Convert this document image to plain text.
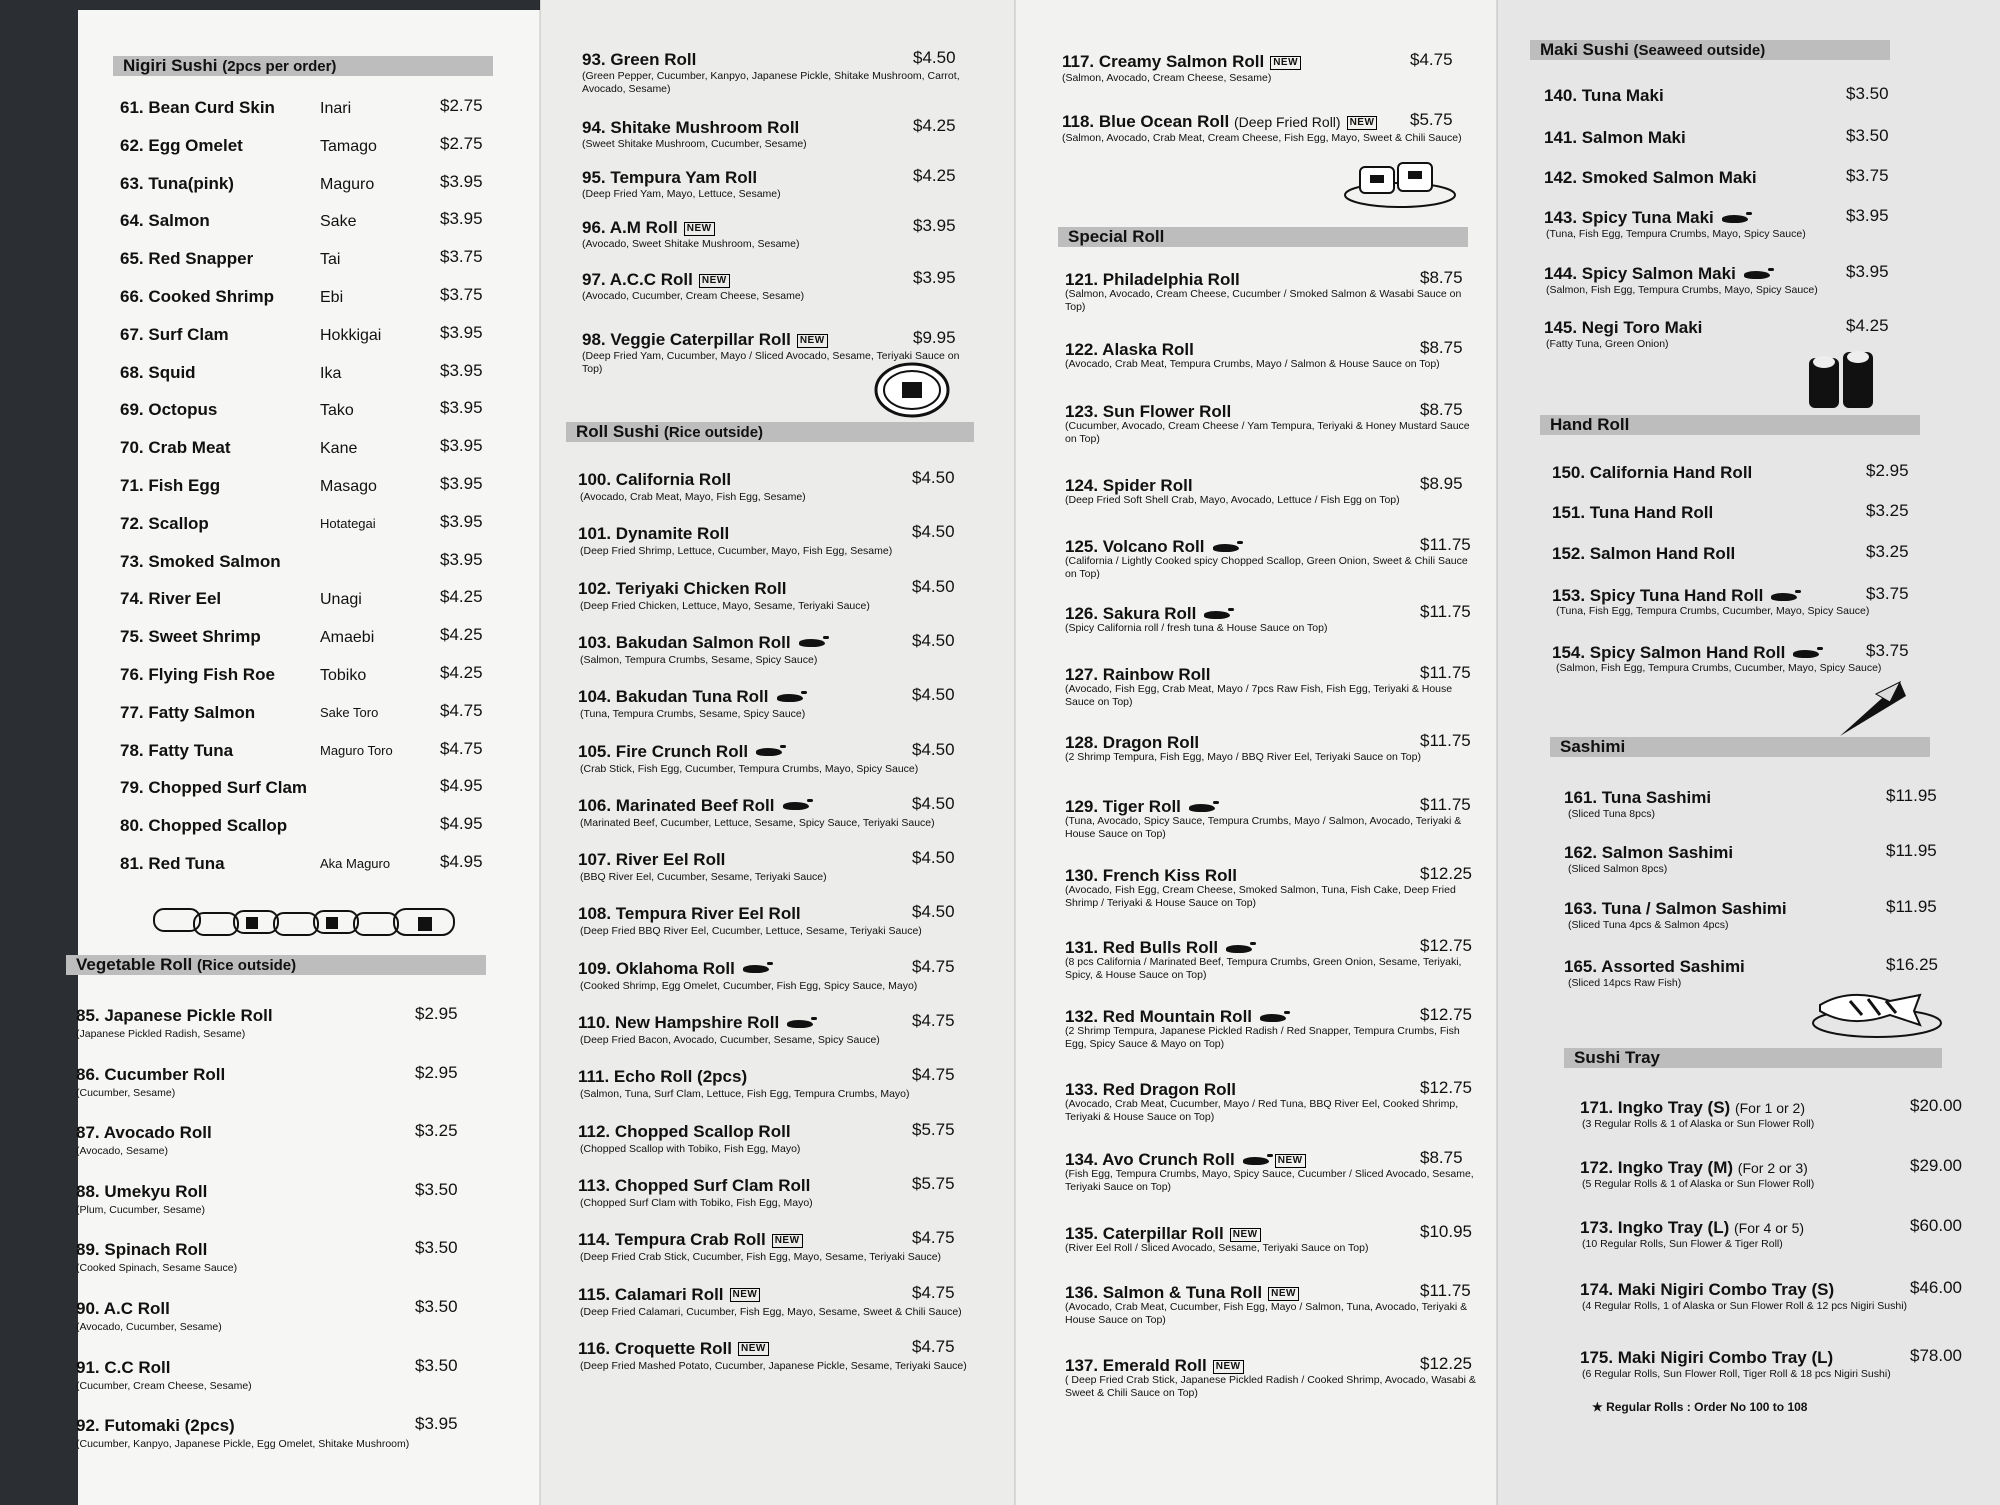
Nigiri Sushi (2pcs per order)
61. Bean Curd Skin	Inari	$2.75
62. Egg Omelet	Tamago	$2.75
63. Tuna(pink)	Maguro	$3.95
64. Salmon	Sake	$3.95
65. Red Snapper	Tai	$3.75
66. Cooked Shrimp	Ebi	$3.75
67. Surf Clam	Hokkigai	$3.95
68. Squid	Ika	$3.95
69. Octopus	Tako	$3.95
70. Crab Meat	Kane	$3.95
71. Fish Egg	Masago	$3.95
72. Scallop	Hotategai	$3.95
73. Smoked Salmon	$3.95
74. River Eel	Unagi	$4.25
75. Sweet Shrimp	Amaebi	$4.25
76. Flying Fish Roe	Tobiko	$4.25
77. Fatty Salmon	Sake Toro	$4.75
78. Fatty Tuna	Maguro Toro	$4.75
79. Chopped Surf Clam	$4.95
80. Chopped Scallop	$4.95
81. Red Tuna	Aka Maguro	$4.95
Vegetable Roll (Rice outside)
85. Japanese Pickle Roll	$2.95
(Japanese Pickled Radish, Sesame)
86. Cucumber Roll	$2.95
(Cucumber, Sesame)
87. Avocado Roll	$3.25
(Avocado, Sesame)
88. Umekyu Roll	$3.50
(Plum, Cucumber, Sesame)
89. Spinach Roll	$3.50
(Cooked Spinach, Sesame Sauce)
90. A.C Roll	$3.50
(Avocado, Cucumber, Sesame)
91. C.C Roll	$3.50
(Cucumber, Cream Cheese, Sesame)
92. Futomaki (2pcs)	$3.95
(Cucumber, Kanpyo, Japanese Pickle, Egg Omelet, Shitake Mushroom)
93. Green Roll	$4.50
(Green Pepper, Cucumber, Kanpyo, Japanese Pickle, Shitake Mushroom, Carrot, Avocado, Sesame)
94. Shitake Mushroom Roll	$4.25
(Sweet Shitake Mushroom, Cucumber, Sesame)
95. Tempura Yam Roll	$4.25
(Deep Fried Yam, Mayo, Lettuce, Sesame)
96. A.M Roll NEW	$3.95
(Avocado, Sweet Shitake Mushroom, Sesame)
97. A.C.C Roll NEW	$3.95
(Avocado, Cucumber, Cream Cheese, Sesame)
98. Veggie Caterpillar Roll NEW	$9.95
(Deep Fried Yam, Cucumber, Mayo / Sliced Avocado, Sesame, Teriyaki Sauce on Top)
Roll Sushi (Rice outside)
100. California Roll	$4.50
(Avocado, Crab Meat, Mayo, Fish Egg, Sesame)
101. Dynamite Roll	$4.50
(Deep Fried Shrimp, Lettuce, Cucumber, Mayo, Fish Egg, Sesame)
102. Teriyaki Chicken Roll	$4.50
(Deep Fried Chicken, Lettuce, Mayo, Sesame, Teriyaki Sauce)
103. Bakudan Salmon Roll	$4.50
(Salmon, Tempura Crumbs, Sesame, Spicy Sauce)
104. Bakudan Tuna Roll	$4.50
(Tuna, Tempura Crumbs, Sesame, Spicy Sauce)
105. Fire Crunch Roll	$4.50
(Crab Stick, Fish Egg, Cucumber, Tempura Crumbs, Mayo, Spicy Sauce)
106. Marinated Beef Roll	$4.50
(Marinated Beef, Cucumber, Lettuce, Sesame, Spicy Sauce, Teriyaki Sauce)
107. River Eel Roll	$4.50
(BBQ River Eel, Cucumber, Sesame, Teriyaki Sauce)
108. Tempura River Eel Roll	$4.50
(Deep Fried BBQ River Eel, Cucumber, Lettuce, Sesame, Teriyaki Sauce)
109. Oklahoma Roll	$4.75
(Cooked Shrimp, Egg Omelet, Cucumber, Fish Egg, Spicy Sauce, Mayo)
110. New Hampshire Roll	$4.75
(Deep Fried Bacon, Avocado, Cucumber, Sesame, Spicy Sauce)
111. Echo Roll (2pcs)	$4.75
(Salmon, Tuna, Surf Clam, Lettuce, Fish Egg, Tempura Crumbs, Mayo)
112. Chopped Scallop Roll	$5.75
(Chopped Scallop with Tobiko, Fish Egg, Mayo)
113. Chopped Surf Clam Roll	$5.75
(Chopped Surf Clam with Tobiko, Fish Egg, Mayo)
114. Tempura Crab Roll NEW	$4.75
(Deep Fried Crab Stick, Cucumber, Fish Egg, Mayo, Sesame, Teriyaki Sauce)
115. Calamari Roll NEW	$4.75
(Deep Fried Calamari, Cucumber, Fish Egg, Mayo, Sesame, Sweet & Chili Sauce)
116. Croquette Roll NEW	$4.75
(Deep Fried Mashed Potato, Cucumber, Japanese Pickle, Sesame, Teriyaki Sauce)
117. Creamy Salmon Roll NEW	$4.75
(Salmon, Avocado, Cream Cheese, Sesame)
118. Blue Ocean Roll (Deep Fried Roll) NEW $5.75
(Salmon, Avocado, Crab Meat, Cream Cheese, Fish Egg, Mayo, Sweet & Chili Sauce)
Special Roll
121. Philadelphia Roll	$8.75
(Salmon, Avocado, Cream Cheese, Cucumber / Smoked Salmon & Wasabi Sauce on Top)
122. Alaska Roll	$8.75
(Avocado, Crab Meat, Tempura Crumbs, Mayo / Salmon & House Sauce on Top)
123. Sun Flower Roll	$8.75
(Cucumber, Avocado, Cream Cheese / Yam Tempura, Teriyaki & Honey Mustard Sauce on Top)
124. Spider Roll	$8.95
(Deep Fried Soft Shell Crab, Mayo, Avocado, Lettuce / Fish Egg on Top)
125. Volcano Roll	$11.75
(California / Lightly Cooked spicy Chopped Scallop, Green Onion, Sweet & Chili Sauce on Top)
126. Sakura Roll	$11.75
(Spicy California roll / fresh tuna & House Sauce on Top)
127. Rainbow Roll	$11.75
(Avocado, Fish Egg, Crab Meat, Mayo / 7pcs Raw Fish, Fish Egg, Teriyaki & House Sauce on Top)
128. Dragon Roll	$11.75
(2 Shrimp Tempura, Fish Egg, Mayo / BBQ River Eel, Teriyaki Sauce on Top)
129. Tiger Roll	$11.75
(Tuna, Avocado, Spicy Sauce, Tempura Crumbs, Mayo / Salmon, Avocado, Teriyaki & House Sauce on Top)
130. French Kiss Roll	$12.25
(Avocado, Fish Egg, Cream Cheese, Smoked Salmon, Tuna, Fish Cake, Deep Fried Shrimp / Teriyaki & House Sauce on Top)
131. Red Bulls Roll	$12.75
(8 pcs California / Marinated Beef, Tempura Crumbs, Green Onion, Sesame, Teriyaki, Spicy, & House Sauce on Top)
132. Red Mountain Roll	$12.75
(2 Shrimp Tempura, Japanese Pickled Radish / Red Snapper, Tempura Crumbs, Fish Egg, Spicy Sauce & Mayo on Top)
133. Red Dragon Roll	$12.75
(Avocado, Crab Meat, Cucumber, Mayo / Red Tuna, BBQ River Eel, Cooked Shrimp, Teriyaki & House Sauce on Top)
134. Avo Crunch Roll	NEW	$8.75
(Fish Egg, Tempura Crumbs, Mayo, Spicy Sauce, Cucumber / Sliced Avocado, Sesame, Teriyaki Sauce on Top)
135. Caterpillar Roll NEW	$10.95
(River Eel Roll / Sliced Avocado, Sesame, Teriyaki Sauce on Top)
136. Salmon & Tuna Roll NEW	$11.75
(Avocado, Crab Meat, Cucumber, Fish Egg, Mayo / Salmon, Tuna, Avocado, Teriyaki & House Sauce on Top)
137. Emerald Roll NEW	$12.25
( Deep Fried Crab Stick, Japanese Pickled Radish / Cooked Shrimp, Avocado, Wasabi & Sweet & Chili Sauce on Top)
Maki Sushi (Seaweed outside)
140. Tuna Maki	$3.50
141. Salmon Maki	$3.50
142. Smoked Salmon Maki	$3.75
143. Spicy Tuna Maki	$3.95
(Tuna, Fish Egg, Tempura Crumbs, Mayo, Spicy Sauce)
144. Spicy Salmon Maki	$3.95
(Salmon, Fish Egg, Tempura Crumbs, Mayo, Spicy Sauce)
145. Negi Toro Maki	$4.25
(Fatty Tuna, Green Onion)
Hand Roll
150. California Hand Roll	$2.95
151. Tuna Hand Roll	$3.25
152. Salmon Hand Roll	$3.25
153. Spicy Tuna Hand Roll	$3.75
(Tuna, Fish Egg, Tempura Crumbs, Cucumber, Mayo, Spicy Sauce)
154. Spicy Salmon Hand Roll	$3.75
(Salmon, Fish Egg, Tempura Crumbs, Cucumber, Mayo, Spicy Sauce)
Sashimi
161. Tuna Sashimi	$11.95
(Sliced Tuna 8pcs)
162. Salmon Sashimi	$11.95
(Sliced Salmon 8pcs)
163. Tuna / Salmon Sashimi	$11.95
(Sliced Tuna 4pcs & Salmon 4pcs)
165. Assorted Sashimi	$16.25
(Sliced 14pcs Raw Fish)
Sushi Tray
171. Ingko Tray (S) (For 1 or 2)	$20.00
(3 Regular Rolls & 1 of Alaska or Sun Flower Roll)
172. Ingko Tray (M) (For 2 or 3)	$29.00
(5 Regular Rolls & 1 of Alaska or Sun Flower Roll)
173. Ingko Tray (L) (For 4 or 5)	$60.00
(10 Regular Rolls, Sun Flower & Tiger Roll)
174. Maki Nigiri Combo Tray (S)	$46.00
(4 Regular Rolls, 1 of Alaska or Sun Flower Roll & 12 pcs Nigiri Sushi)
175. Maki Nigiri Combo Tray (L)	$78.00
(6 Regular Rolls, Sun Flower Roll, Tiger Roll & 18 pcs Nigiri Sushi)
★ Regular Rolls : Order No 100 to 108
